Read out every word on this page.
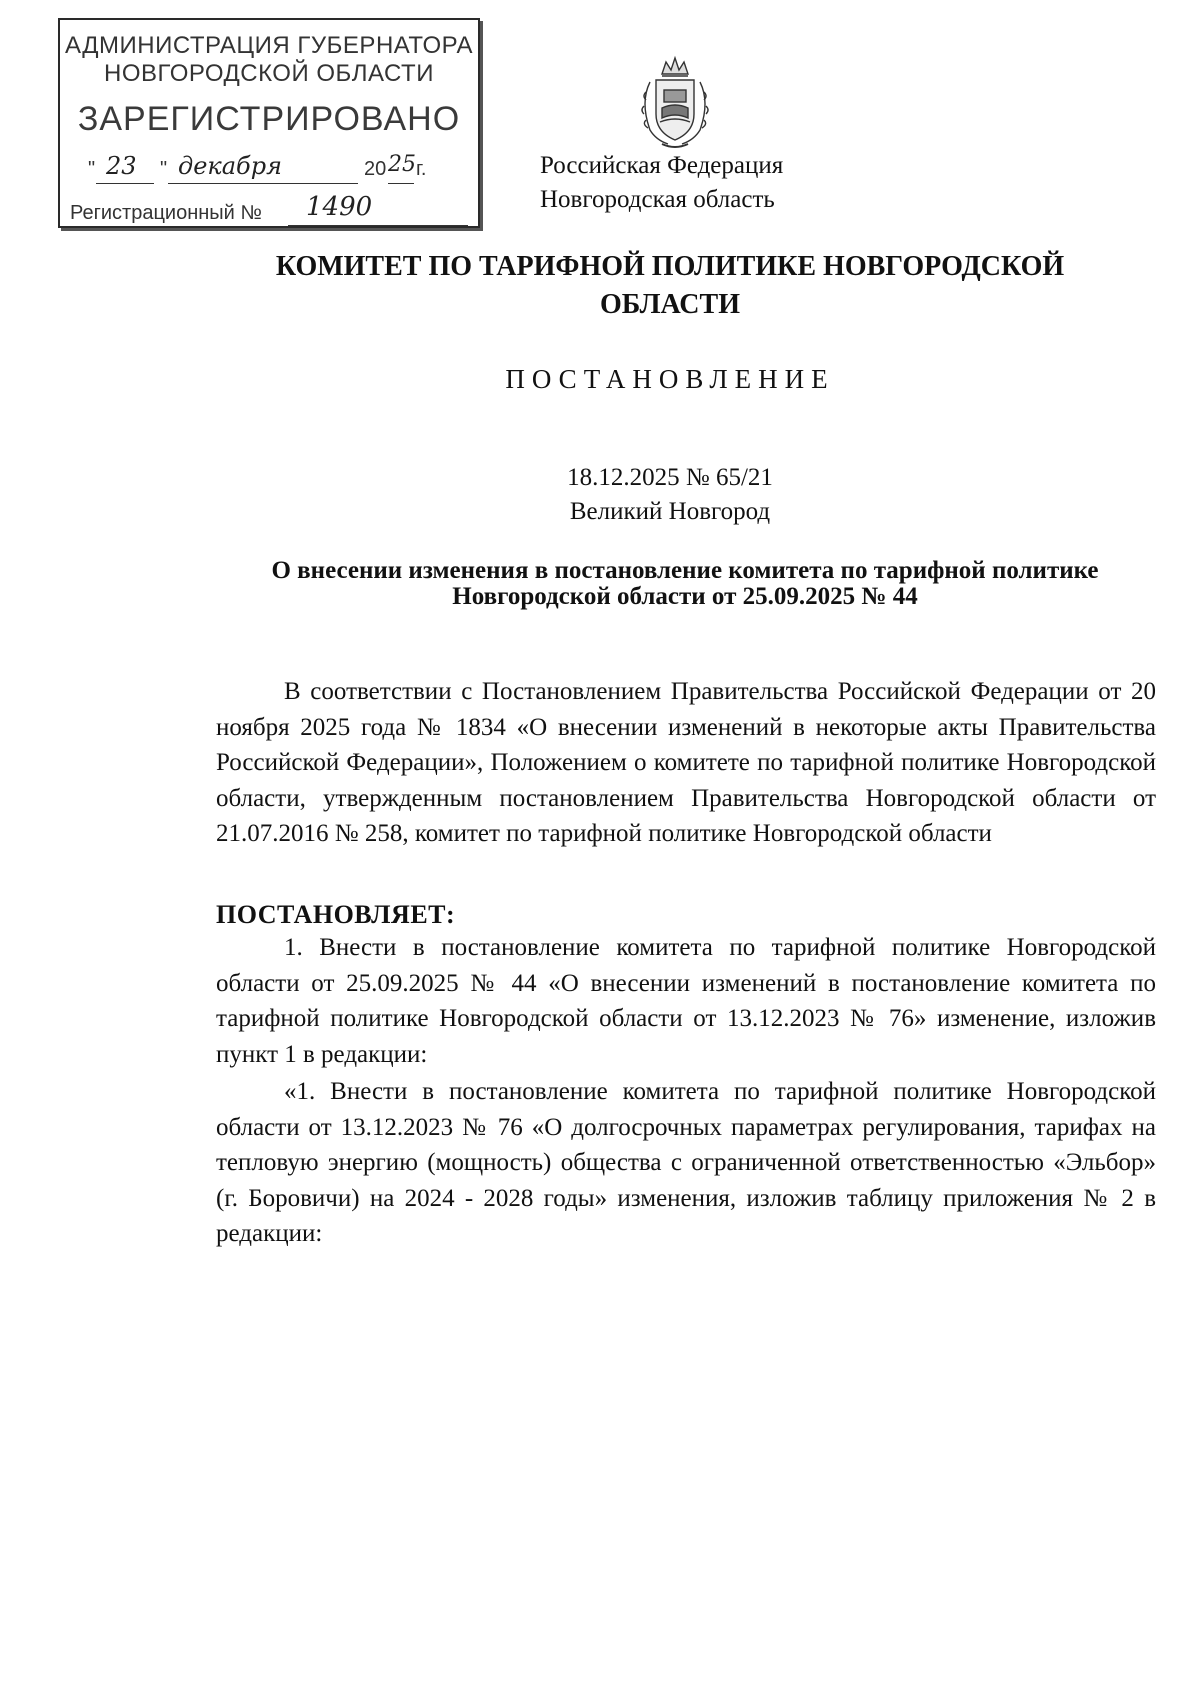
АДМИНИСТРАЦИЯ ГУБЕРНАТОРА
НОВГОРОДСКОЙ ОБЛАСТИ
ЗАРЕГИСТРИРОВАНО
" 23 " декабря	20 25 г.
Регистрационный № 1490
Российская Федерация
Новгородская область
КОМИТЕТ ПО ТАРИФНОЙ ПОЛИТИКЕ НОВГОРОДСКОЙ
ОБЛАСТИ
ПОСТАНОВЛЕНИЕ
18.12.2025 № 65/21
Великий Новгород
О внесении изменения в постановление комитета по тарифной политике
Новгородской области от 25.09.2025 № 44

В соответствии с Постановлением Правительства Российской Федерации от 20 ноября 2025 года № 1834 «О внесении изменений в некоторые акты Правительства Российской Федерации», Положением о комитете по тарифной политике Новгородской области, утвержденным постановлением Правительства Новгородской области от 21.07.2016 № 258, комитет по тарифной политике Новгородской области

ПОСТАНОВЛЯЕТ:

1. Внести в постановление комитета по тарифной политике Новгородской области от 25.09.2025 № 44 «О внесении изменений в постановление комитета по тарифной политике Новгородской области от 13.12.2023 № 76» изменение, изложив пункт 1 в редакции:

«1. Внести в постановление комитета по тарифной политике Новгородской области от 13.12.2023 № 76 «О долгосрочных параметрах регулирования, тарифах на тепловую энергию (мощность) общества с ограниченной ответственностью «Эльбор» (г. Боровичи) на 2024 - 2028 годы» изменения, изложив таблицу приложения № 2 в редакции:
